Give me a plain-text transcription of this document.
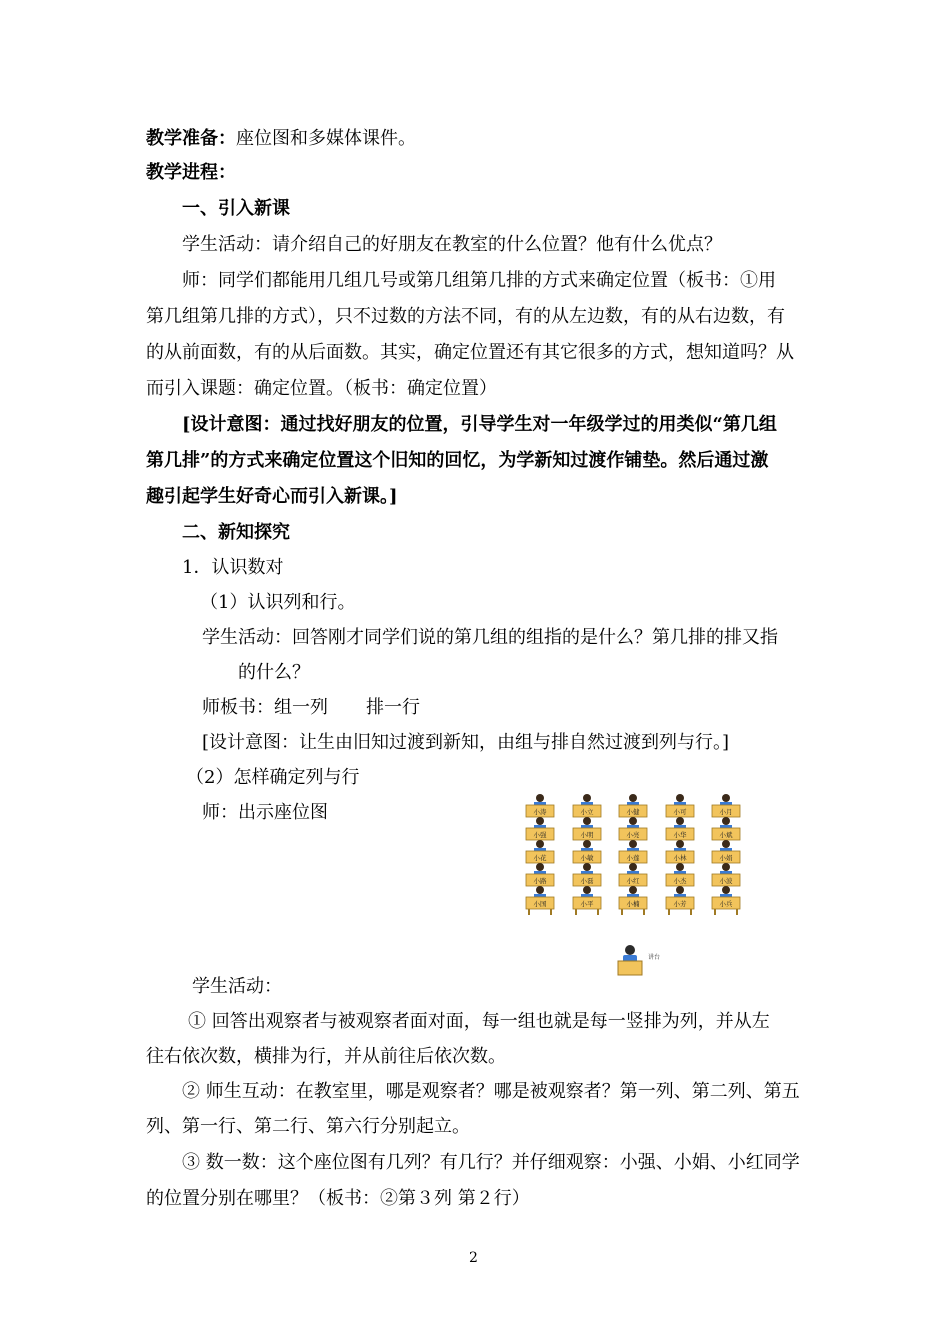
教学准备：座位图和多媒体课件。
教学进程：
一、引入新课
学生活动：请介绍自己的好朋友在教室的什么位置？他有什么优点？
师：同学们都能用几组几号或第几组第几排的方式来确定位置（板书：①用
第几组第几排的方式），只不过数的方法不同，有的从左边数，有的从右边数，有
的从前面数，有的从后面数。其实，确定位置还有其它很多的方式，想知道吗？从
而引入课题：确定位置。（板书：确定位置）
[设计意图：通过找好朋友的位置，引导学生对一年级学过的用类似“第几组
第几排”的方式来确定位置这个旧知的回忆，为学新知过渡作铺垫。然后通过激
趣引起学生好奇心而引入新课。]
二、新知探究
1．认识数对
（1）认识列和行。
学生活动：回答刚才同学们说的第几组的组指的是什么？第几排的排又指
的什么？
师板书：组一列 排一行
[设计意图：让生由旧知过渡到新知，由组与排自然过渡到列与行。]
（2）怎样确定列与行
师：出示座位图	小涛
小强
小花
小路
小国
小立
小明
小敏
小磊
小平
小健
小亮
小莲
小红
小楠
小可
小华
小林
小杰
小芳
小月
小斌
小娟
小波
小兵
讲台
学生活动：
① 回答出观察者与被观察者面对面，每一组也就是每一竖排为列，并从左
往右依次数，横排为行，并从前往后依次数。
② 师生互动：在教室里，哪是观察者？哪是被观察者？第一列、第二列、第五
列、第一行、第二行、第六行分别起立。
③ 数一数：这个座位图有几列？有几行？并仔细观察：小强、小娟、小红同学
的位置分别在哪里？（板书：②第３列 第２行）
2
